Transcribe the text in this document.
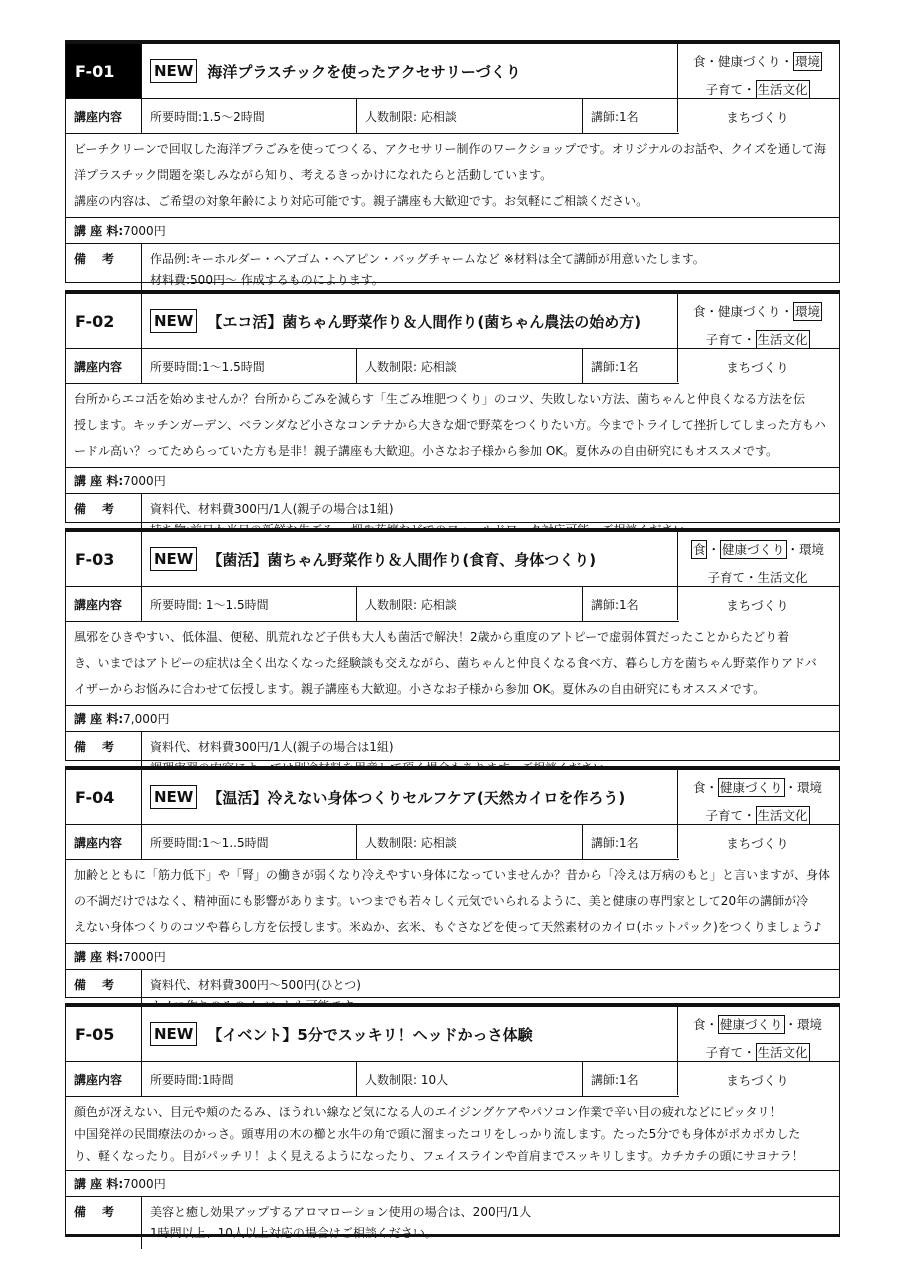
F-01	NEW 海洋プラスチックを使ったアクセサリーづくり
食・健康づくり・ 環境
子育て・ 生活文化
まちづくり
講座内容	所要時間:1.5〜2時間	人数制限: 応相談	講師:1名
ビーチクリーンで回収した海洋プラごみを使ってつくる、アクセサリー制作のワークショップです。オリジナルのお話や、クイズを通して海
洋プラスチック問題を楽しみながら知り、考えるきっかけになれたらと活動しています。
講座の内容は、ご希望の対象年齢により対応可能です。親子講座も大歓迎です。お気軽にご相談ください。
講 座 料: 7000円
備考	作品例:キーホルダー・ヘアゴム・ヘアピン・バッグチャームなど ※材料は全て講師が用意いたします。
材料費:500円〜 作成するものによります。
F-02	NEW 【エコ活】菌ちゃん野菜作り＆人間作り(菌ちゃん農法の始め方)
食・健康づくり・ 環境
子育て・ 生活文化
まちづくり
講座内容	所要時間:1〜1.5時間	人数制限: 応相談	講師:1名
台所からエコ活を始めませんか？台所からごみを減らす「生ごみ堆肥つくり」のコツ、失敗しない方法、菌ちゃんと仲良くなる方法を伝
授します。キッチンガーデン、ベランダなど小さなコンテナから大きな畑で野菜をつくりたい方。今までトライして挫折してしまった方もハ
ードル高い？ってためらっていた方も是非！親子講座も大歓迎。小さなお子様から参加 OK。夏休みの自由研究にもオススメです。
講 座 料: 7000円
備考	資料代、材料費300円/1人(親子の場合は1組)
F-03	NEW 【菌活】菌ちゃん野菜作り＆人間作り(食育、身体つくり)
食 ・ 健康づくり ・環境
子育て・生活文化
まちづくり
講座内容	所要時間: 1〜1.5時間	人数制限: 応相談	講師:1名
風邪をひきやすい、低体温、便秘、肌荒れなど子供も大人も菌活で解決！2歳から重度のアトピーで虚弱体質だったことからたどり着
き、いまではアトピーの症状は全く出なくなった経験談も交えながら、菌ちゃんと仲良くなる食べ方、暮らし方を菌ちゃん野菜作りアドバ
イザーからお悩みに合わせて伝授します。親子講座も大歓迎。小さなお子様から参加 OK。夏休みの自由研究にもオススメです。
講 座 料: 7,000円
備考	資料代、材料費300円/1人(親子の場合は1組)
F-04	NEW 【温活】冷えない身体つくりセルフケア(天然カイロを作ろう)
食・ 健康づくり ・環境
子育て・ 生活文化
まちづくり
講座内容	所要時間:1〜1..5時間	人数制限: 応相談	講師:1名
加齢とともに「筋力低下」や「腎」の働きが弱くなり冷えやすい身体になっていませんか？昔から「冷えは万病のもと」と言いますが、身体
の不調だけではなく、精神面にも影響があります。いつまでも若々しく元気でいられるように、美と健康の専門家として20年の講師が冷
えない身体つくりのコツや暮らし方を伝授します。米ぬか、玄米、もぐさなどを使って天然素材のカイロ(ホットパック)をつくりましょう♪
講 座 料: 7000円
備考	資料代、材料費300円〜500円(ひとつ)
F-05	NEW 【イベント】5分でスッキリ！ヘッドかっさ体験
食・ 健康づくり ・環境
子育て・ 生活文化
まちづくり
講座内容	所要時間:1時間	人数制限: 10人	講師:1名
顔色が冴えない、目元や頬のたるみ、ほうれい線など気になる人のエイジングケアやパソコン作業で辛い目の疲れなどにピッタリ！
中国発祥の民間療法のかっさ。頭専用の木の櫛と水牛の角で頭に溜まったコリをしっかり流します。たった5分でも身体がポカポカした
り、軽くなったり。目がパッチリ！よく見えるようになったり、フェイスラインや首肩までスッキリします。カチカチの頭にサヨナラ！
講 座 料: 7000円
備考	美容と癒し効果アップするアロマローション使用の場合は、200円/1人
1時間以上、10人以上対応の場合はご相談ください。
